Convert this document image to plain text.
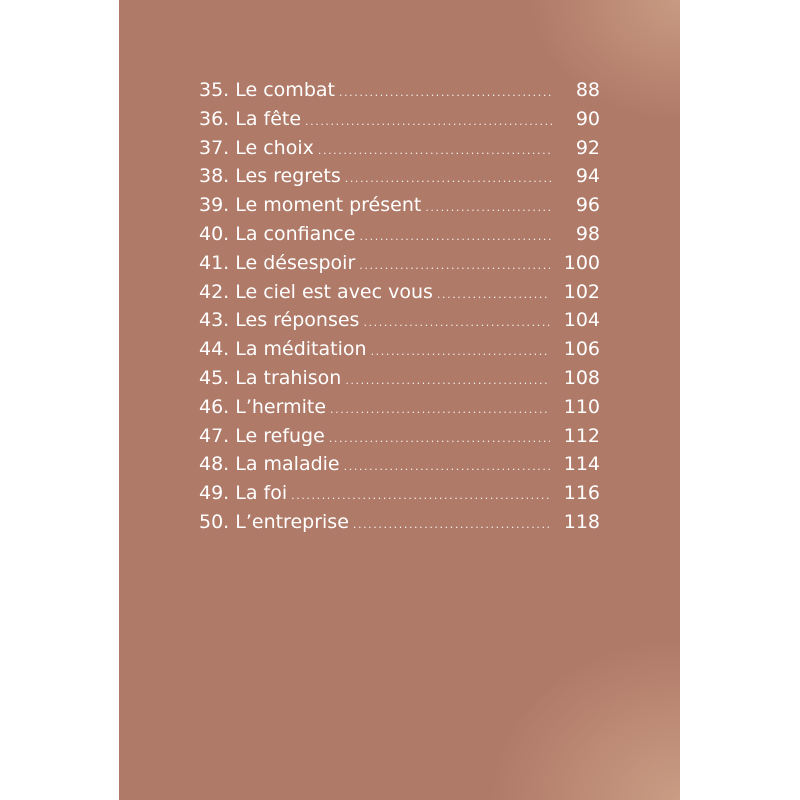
35. Le combat .....	88
36. La fête .....	90
37. Le choix .....	92
38. Les regrets .....	94
39. Le moment présent .....	96
40. La confiance .....	98
41. Le désespoir .....	100
42. Le ciel est avec vous .....	102
43. Les réponses .....	104
44. La méditation .....	106
45. La trahison .....	108
46. L’hermite .....	110
47. Le refuge .....	112
48. La maladie .....	114
49. La foi .....	116
50. L’entreprise .....	118
